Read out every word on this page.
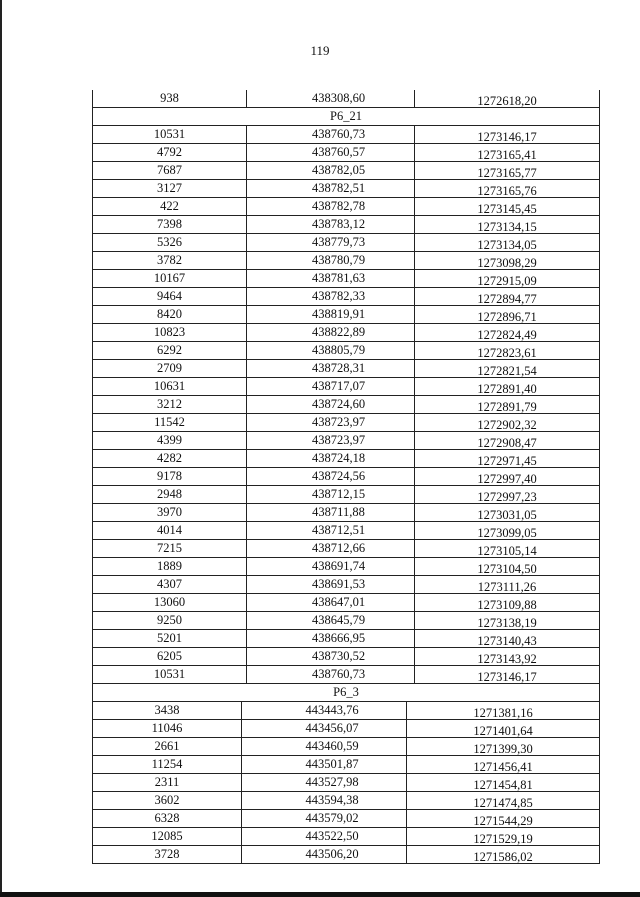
119
938	438308,60	1272618,20
Р6_21
10531	438760,73	1273146,17
4792	438760,57	1273165,41
7687	438782,05	1273165,77
3127	438782,51	1273165,76
422	438782,78	1273145,45
7398	438783,12	1273134,15
5326	438779,73	1273134,05
3782	438780,79	1273098,29
10167	438781,63	1272915,09
9464	438782,33	1272894,77
8420	438819,91	1272896,71
10823	438822,89	1272824,49
6292	438805,79	1272823,61
2709	438728,31	1272821,54
10631	438717,07	1272891,40
3212	438724,60	1272891,79
11542	438723,97	1272902,32
4399	438723,97	1272908,47
4282	438724,18	1272971,45
9178	438724,56	1272997,40
2948	438712,15	1272997,23
3970	438711,88	1273031,05
4014	438712,51	1273099,05
7215	438712,66	1273105,14
1889	438691,74	1273104,50
4307	438691,53	1273111,26
13060	438647,01	1273109,88
9250	438645,79	1273138,19
5201	438666,95	1273140,43
6205	438730,52	1273143,92
10531	438760,73	1273146,17
Р6_3
3438	443443,76	1271381,16
11046	443456,07	1271401,64
2661	443460,59	1271399,30
11254	443501,87	1271456,41
2311	443527,98	1271454,81
3602	443594,38	1271474,85
6328	443579,02	1271544,29
12085	443522,50	1271529,19
3728	443506,20	1271586,02
